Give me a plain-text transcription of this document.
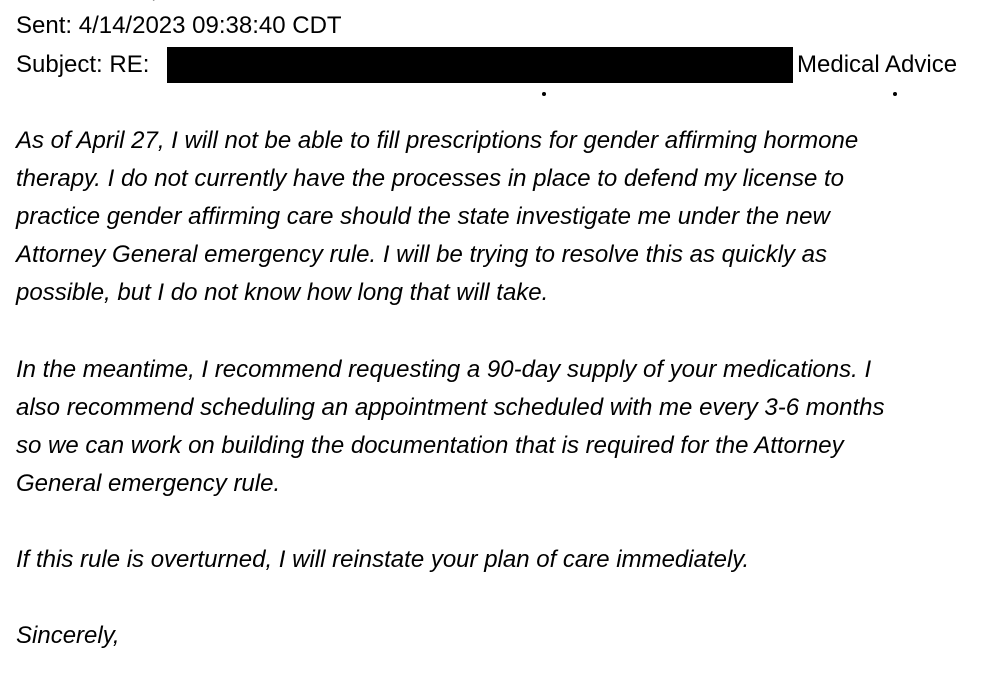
Sent: 4/14/2023 09:38:40 CDT
Subject: RE:	Medical Advice

As of April 27, I will not be able to fill prescriptions for gender affirming hormone
therapy. I do not currently have the processes in place to defend my license to
practice gender affirming care should the state investigate me under the new
Attorney General emergency rule. I will be trying to resolve this as quickly as
possible, but I do not know how long that will take.

In the meantime, I recommend requesting a 90-day supply of your medications. I
also recommend scheduling an appointment scheduled with me every 3-6 months
so we can work on building the documentation that is required for the Attorney
General emergency rule.

If this rule is overturned, I will reinstate your plan of care immediately.

Sincerely,
